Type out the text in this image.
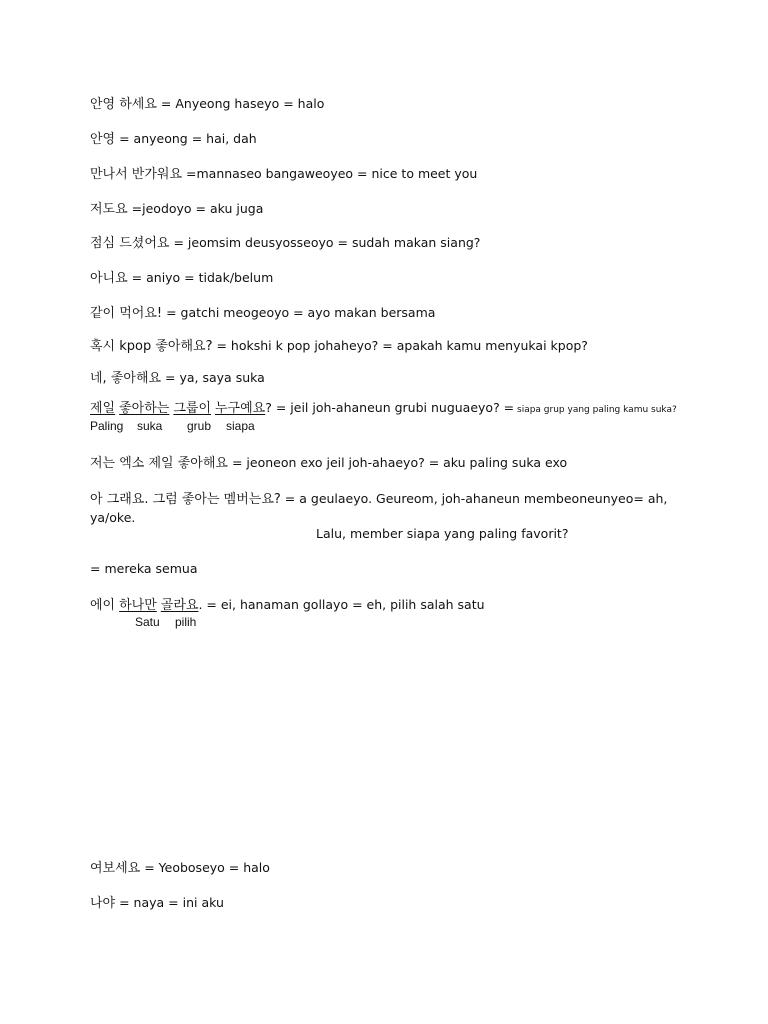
안영 하세요 = Anyeong haseyo = halo
안영 = anyeong = hai, dah
만나서 반가워요 =mannaseo bangaweoyeo = nice to meet you
저도요 =jeodoyo = aku juga
점심 드셨어요 = jeomsim deusyosseoyo = sudah makan siang?
아니요 = aniyo = tidak/belum
같이 먹어요! = gatchi meogeoyo = ayo makan bersama
혹시 kpop 좋아해요? = hokshi k pop johaheyo? = apakah kamu menyukai kpop?
네, 좋아해요 = ya, saya suka
제일 좋아하는 그룹이 누구예요? = jeil joh-ahaneun grubi nuguaeyo? = siapa grup yang paling kamu suka?
Paling suka grub siapa
저는 엑소 제일 좋아해요 = jeoneon exo jeil joh-ahaeyo? = aku paling suka exo
아 그래요. 그럼 좋아는 멤버는요? = a geulaeyo. Geureom, joh-ahaneun membeoneunyeo= ah,
ya/oke.
Lalu, member siapa yang paling favorit?
= mereka semua
에이 하나만 골라요. = ei, hanaman gollayo = eh, pilih salah satu
Satu pilih
여보세요 = Yeoboseyo = halo
나야 = naya = ini aku
